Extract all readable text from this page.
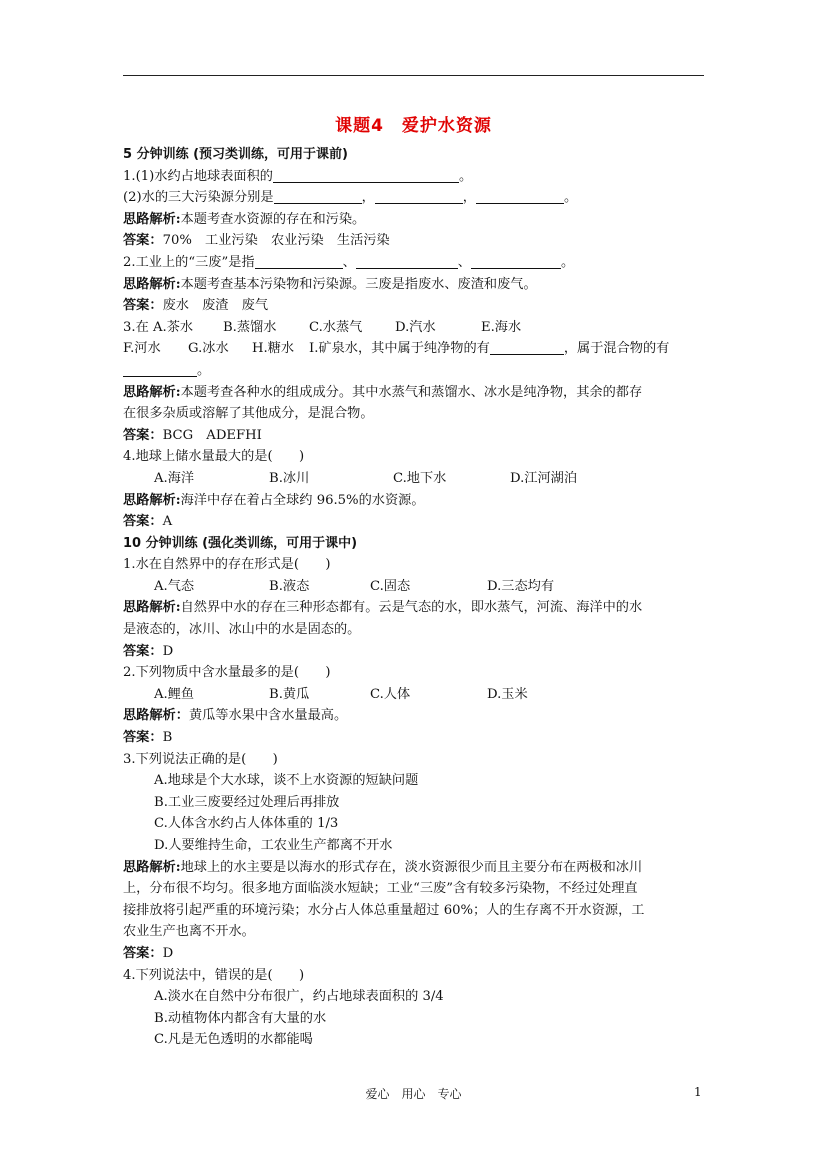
课题4　爱护水资源
5 分钟训练 (预习类训练，可用于课前)
1.(1)水约占地球表面积的	。
(2)水的三大污染源分别是	，	，	。
思路解析:本题考查水资源的存在和污染。
答案：70%　工业污染　农业污染　生活污染
2.工业上的“三废”是指	、	、	。
思路解析:本题考查基本污染物和污染源。三废是指废水、废渣和废气。
答案：废水　废渣　废气
3.在 A.茶水 B.蒸馏水 C.水蒸气 D.汽水	E.海水
F.河水 G.冰水 H.糖水 I.矿泉水，其中属于纯净物的有	，属于混合物的有
。
思路解析:本题考查各种水的组成成分。其中水蒸气和蒸馏水、冰水是纯净物，其余的都存
在很多杂质或溶解了其他成分，是混合物。
答案：BCG　ADEFHI
4.地球上储水量最大的是(　　)
A.海洋	B.冰川	C.地下水	D.江河湖泊
思路解析:海洋中存在着占全球约 96.5%的水资源。
答案：A
10 分钟训练 (强化类训练，可用于课中)
1.水在自然界中的存在形式是(　　)
A.气态	B.液态	C.固态	D.三态均有
思路解析:自然界中水的存在三种形态都有。云是气态的水，即水蒸气，河流、海洋中的水
是液态的，冰川、冰山中的水是固态的。
答案：D
2.下列物质中含水量最多的是(　　)
A.鲤鱼	B.黄瓜	C.人体	D.玉米
思路解析：黄瓜等水果中含水量最高。
答案：B
3.下列说法正确的是(　　)
A.地球是个大水球，谈不上水资源的短缺问题
B.工业三废要经过处理后再排放
C.人体含水约占人体体重的 1/3
D.人要维持生命，工农业生产都离不开水
思路解析:地球上的水主要是以海水的形式存在，淡水资源很少而且主要分布在两极和冰川
上，分布很不均匀。很多地方面临淡水短缺；工业“三废”含有较多污染物，不经过处理直
接排放将引起严重的环境污染；水分占人体总重量超过 60%；人的生存离不开水资源，工
农业生产也离不开水。
答案：D
4.下列说法中，错误的是(　　)
A.淡水在自然中分布很广，约占地球表面积的 3/4
B.动植物体内都含有大量的水
C.凡是无色透明的水都能喝
爱心　用心　专心	1
